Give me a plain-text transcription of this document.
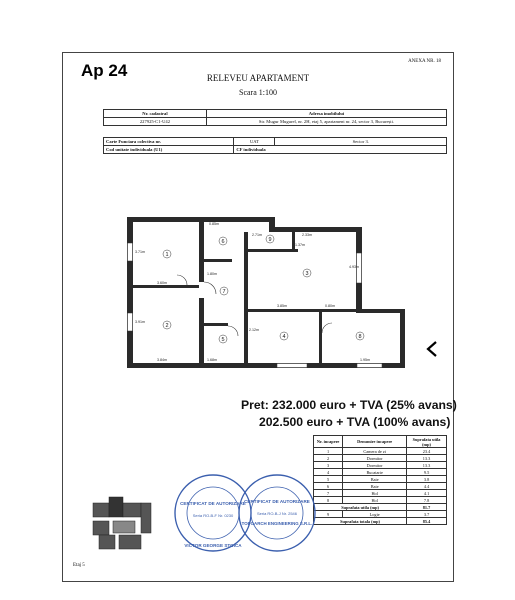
Ap 24	ANEXA NR. 18
RELEVEU APARTAMENT
Scara 1:100
Nr. cadastral	Adresa imobilului
227925-C1-U42	Str. Mugur Mugurel, nr. 2H, etaj 5, apartament nr. 24, sector 3, București.
Carte Funciara colectiva nr.	UAT	Sector 3.
Cod unitate individuala (U1)	CF individuala	
1
2
3
4
5
6
7
8
9
3.60m
3.84m
0.85m
1.80m
2.71m	2.33m
3.85m
1.68m
0.80m
1.95m
3.71m
3.91m
4.93m
1.37m
2.12m
Pret: 232.000 euro + TVA (25% avans)
202.500 euro + TVA (100% avans)
Nr. incapere	Denumire incapere	Suprafata utila (mp)
1	Camera de zi	23.4
2	Dormitor	13.3
3	Dormitor	13.3
4	Bucatarie	9.5
5	Baie	3.8
6	Baie	4.4
7	Hol	4.1
8	Hol	7.8
Suprafata utila (mp)		81.7
9	Logie	3.7
Suprafata totala (mp)		85.4
CERTIFICAT DE AUTORIZARE
Seria RO-B-F Nr. 0230
VICTOR GEORGE STOICA
CERTIFICAT DE AUTORIZARE
Seria RO-B-J Nr. 2546
TOPOARCH ENGINEERING S.R.L.
Etaj 5
